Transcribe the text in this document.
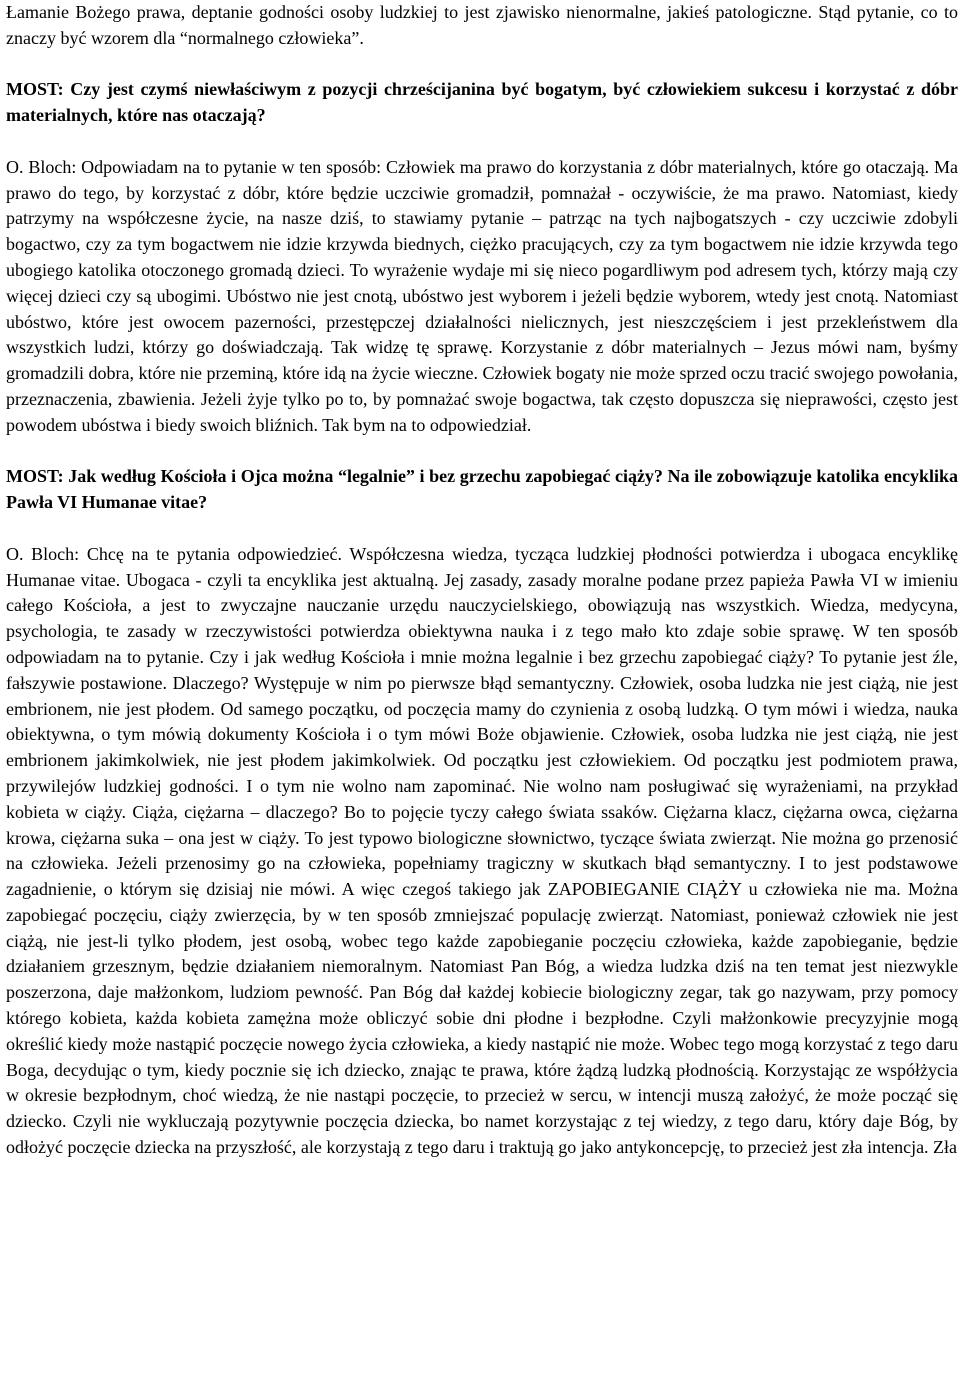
Łamanie Bożego prawa, deptanie godności osoby ludzkiej to jest zjawisko nienormalne, jakieś patologiczne. Stąd pytanie, co to znaczy być wzorem dla “normalnego człowieka”.

MOST: Czy jest czymś niewłaściwym z pozycji chrześcijanina być bogatym, być człowiekiem sukcesu i korzystać z dóbr materialnych, które nas otaczają?

O. Bloch: Odpowiadam na to pytanie w ten sposób: Człowiek ma prawo do korzystania z dóbr materialnych, które go otaczają. Ma prawo do tego, by korzystać z dóbr, które będzie uczciwie gromadził, pomnażał - oczywiście, że ma prawo. Natomiast, kiedy patrzymy na współczesne życie, na nasze dziś, to stawiamy pytanie – patrząc na tych najbogatszych - czy uczciwie zdobyli bogactwo, czy za tym bogactwem nie idzie krzywda biednych, ciężko pracujących, czy za tym bogactwem nie idzie krzywda tego ubogiego katolika otoczonego gromadą dzieci. To wyrażenie wydaje mi się nieco pogardliwym pod adresem tych, którzy mają czy więcej dzieci czy są ubogimi. Ubóstwo nie jest cnotą, ubóstwo jest wyborem i jeżeli będzie wyborem, wtedy jest cnotą. Natomiast ubóstwo, które jest owocem pazerności, przestępczej działalności nielicznych, jest nieszczęściem i jest przekleństwem dla wszystkich ludzi, którzy go doświadczają. Tak widzę tę sprawę. Korzystanie z dóbr materialnych – Jezus mówi nam, byśmy gromadzili dobra, które nie przeminą, które idą na życie wieczne. Człowiek bogaty nie może sprzed oczu tracić swojego powołania, przeznaczenia, zbawienia. Jeżeli żyje tylko po to, by pomnażać swoje bogactwa, tak często dopuszcza się nieprawości, często jest powodem ubóstwa i biedy swoich bliźnich. Tak bym na to odpowiedział.

MOST: Jak według Kościoła i Ojca można “legalnie” i bez grzechu zapobiegać ciąży? Na ile zobowiązuje katolika encyklika Pawła VI Humanae vitae?

O. Bloch: Chcę na te pytania odpowiedzieć. Współczesna wiedza, tycząca ludzkiej płodności potwierdza i ubogaca encyklikę Humanae vitae. Ubogaca - czyli ta encyklika jest aktualną. Jej zasady, zasady moralne podane przez papieża Pawła VI w imieniu całego Kościoła, a jest to zwyczajne nauczanie urzędu nauczycielskiego, obowiązują nas wszystkich. Wiedza, medycyna, psychologia, te zasady w rzeczywistości potwierdza obiektywna nauka i z tego mało kto zdaje sobie sprawę. W ten sposób odpowiadam na to pytanie. Czy i jak według Kościoła i mnie można legalnie i bez grzechu zapobiegać ciąży? To pytanie jest źle, fałszywie postawione. Dlaczego? Występuje w nim po pierwsze błąd semantyczny. Człowiek, osoba ludzka nie jest ciążą, nie jest embrionem, nie jest płodem. Od samego początku, od poczęcia mamy do czynienia z osobą ludzką. O tym mówi i wiedza, nauka obiektywna, o tym mówią dokumenty Kościoła i o tym mówi Boże objawienie. Człowiek, osoba ludzka nie jest ciążą, nie jest embrionem jakimkolwiek, nie jest płodem jakimkolwiek. Od początku jest człowiekiem. Od początku jest podmiotem prawa, przywilejów ludzkiej godności. I o tym nie wolno nam zapominać. Nie wolno nam posługiwać się wyrażeniami, na przykład kobieta w ciąży. Ciąża, ciężarna – dlaczego? Bo to pojęcie tyczy całego świata ssaków. Ciężarna klacz, ciężarna owca, ciężarna krowa, ciężarna suka – ona jest w ciąży. To jest typowo biologiczne słownictwo, tyczące świata zwierząt. Nie można go przenosić na człowieka. Jeżeli przenosimy go na człowieka, popełniamy tragiczny w skutkach błąd semantyczny. I to jest podstawowe zagadnienie, o którym się dzisiaj nie mówi. A więc czegoś takiego jak ZAPOBIEGANIE CIĄŻY u człowieka nie ma. Można zapobiegać poczęciu, ciąży zwierzęcia, by w ten sposób zmniejszać populację zwierząt. Natomiast, ponieważ człowiek nie jest ciążą, nie jest-li tylko płodem, jest osobą, wobec tego każde zapobieganie poczęciu człowieka, każde zapobieganie, będzie działaniem grzesznym, będzie działaniem niemoralnym. Natomiast Pan Bóg, a wiedza ludzka dziś na ten temat jest niezwykle poszerzona, daje małżonkom, ludziom pewność. Pan Bóg dał każdej kobiecie biologiczny zegar, tak go nazywam, przy pomocy którego kobieta, każda kobieta zamężna może obliczyć sobie dni płodne i bezpłodne. Czyli małżonkowie precyzyjnie mogą określić kiedy może nastąpić poczęcie nowego życia człowieka, a kiedy nastąpić nie może. Wobec tego mogą korzystać z tego daru Boga, decydując o tym, kiedy pocznie się ich dziecko, znając te prawa, które żądzą ludzką płodnością. Korzystając ze współżycia w okresie bezpłodnym, choć wiedzą, że nie nastąpi poczęcie, to przecież w sercu, w intencji muszą założyć, że może począć się dziecko. Czyli nie wykluczają pozytywnie poczęcia dziecka, bo namet korzystając z tej wiedzy, z tego daru, który daje Bóg, by odłożyć poczęcie dziecka na przyszłość, ale korzystają z tego daru i traktują go jako antykoncepcję, to przecież jest zła intencja. Zła
